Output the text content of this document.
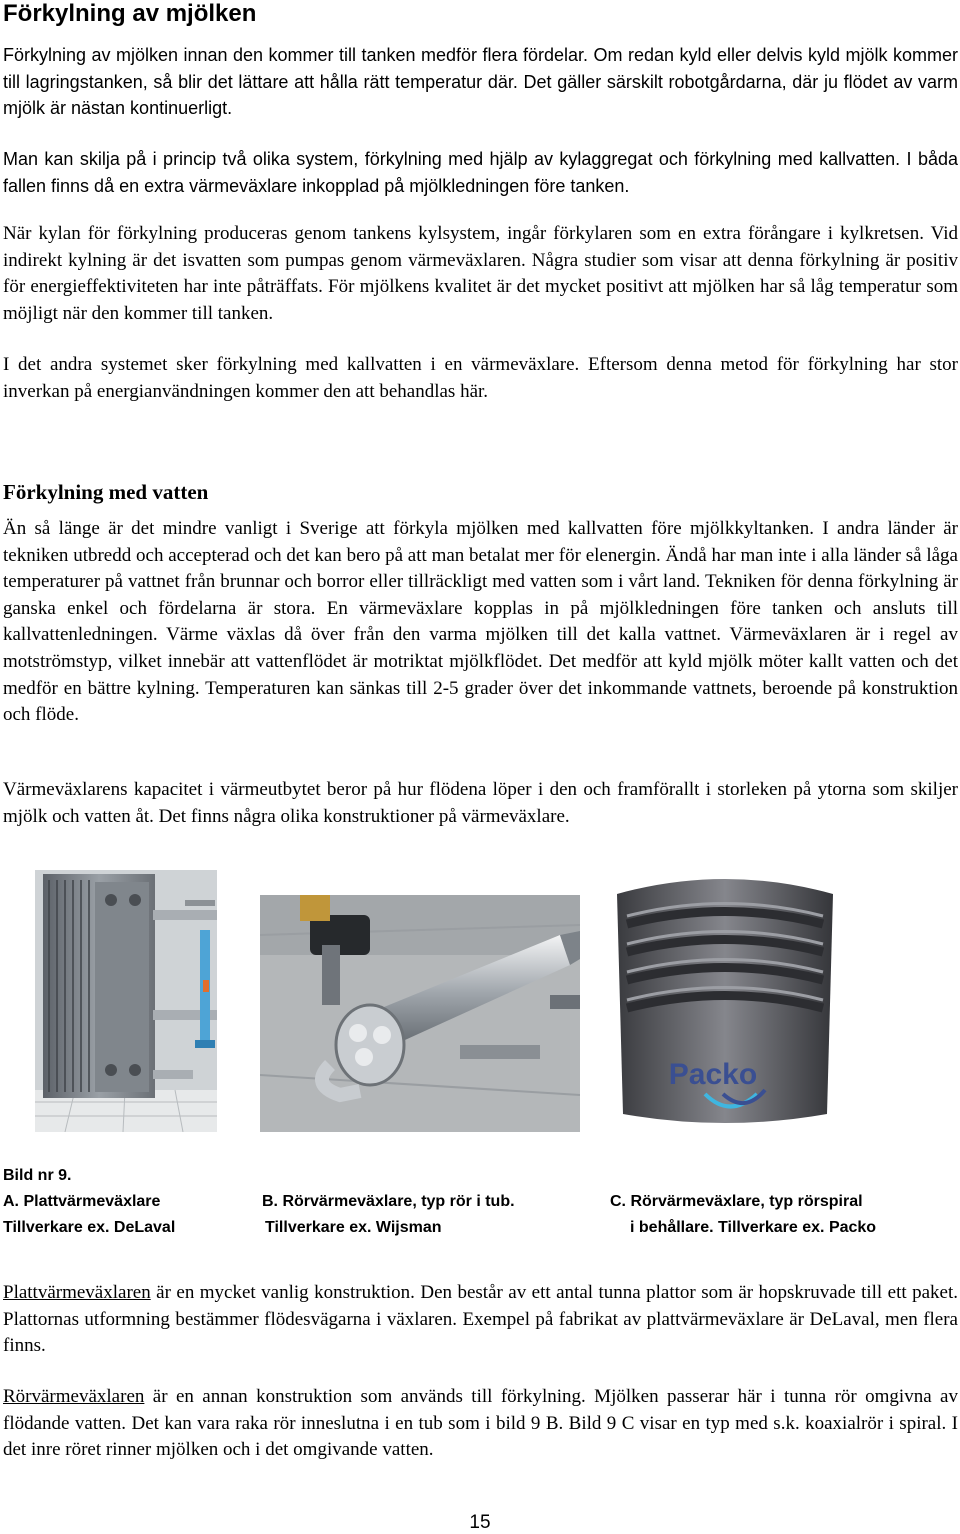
Förkylning av mjölken

Förkylning av mjölken innan den kommer till tanken medför flera fördelar. Om redan kyld eller delvis kyld mjölk kommer till lagringstanken, så blir det lättare att hålla rätt temperatur där. Det gäller särskilt robotgårdarna, där ju flödet av varm mjölk är nästan kontinuerligt.

Man kan skilja på i princip två olika system, förkylning med hjälp av kylaggregat och förkylning med kallvatten. I båda fallen finns då en extra värmeväxlare inkopplad på mjölkledningen före tanken.

När kylan för förkylning produceras genom tankens kylsystem, ingår förkylaren som en extra förångare i kylkretsen. Vid indirekt kylning är det isvatten som pumpas genom värmeväxlaren. Några studier som visar att denna förkylning är positiv för energieffektiviteten har inte påträffats. För mjölkens kvalitet är det mycket positivt att mjölken har så låg temperatur som möjligt när den kommer till tanken.

I det andra systemet sker förkylning med kallvatten i en värmeväxlare. Eftersom denna metod för förkylning har stor inverkan på energianvändningen kommer den att behandlas här.

Förkylning med vatten

Än så länge är det mindre vanligt i Sverige att förkyla mjölken med kallvatten före mjölkkyltanken. I andra länder är tekniken utbredd och accepterad och det kan bero på att man betalat mer för elenergin. Ändå har man inte i alla länder så låga temperaturer på vattnet från brunnar och borror eller tillräckligt med vatten som i vårt land. Tekniken för denna förkylning är ganska enkel och fördelarna är stora. En värmeväxlare kopplas in på mjölkledningen före tanken och ansluts till kallvattenledningen. Värme växlas då över från den varma mjölken till det kalla vattnet. Värmeväxlaren är i regel av motströmstyp, vilket innebär att vattenflödet är motriktat mjölkflödet. Det medför att kyld mjölk möter kallt vatten och det medför en bättre kylning. Temperaturen kan sänkas till 2-5 grader över det inkommande vattnets, beroende på konstruktion och flöde.

Värmeväxlarens kapacitet i värmeutbytet beror på hur flödena löper i den och framförallt i storleken på ytorna som skiljer mjölk och vatten åt. Det finns några olika konstruktioner på värmeväxlare.

Packo
Bild nr 9.
A. Plattvärmeväxlare
Tillverkare ex. DeLaval
B. Rörvärmeväxlare, typ rör i tub.
Tillverkare ex. Wijsman
C. Rörvärmeväxlare, typ rörspiral
i behållare. Tillverkare ex. Packo

Plattvärmeväxlaren är en mycket vanlig konstruktion. Den består av ett antal tunna plattor som är hopskruvade till ett paket. Plattornas utformning bestämmer flödesvägarna i växlaren. Exempel på fabrikat av plattvärmeväxlare är DeLaval, men flera finns.

Rörvärmeväxlaren är en annan konstruktion som används till förkylning. Mjölken passerar här i tunna rör omgivna av flödande vatten. Det kan vara raka rör inneslutna i en tub som i bild 9 B. Bild 9 C visar en typ med s.k. koaxialrör i spiral. I det inre röret rinner mjölken och i det omgivande vatten.

15
